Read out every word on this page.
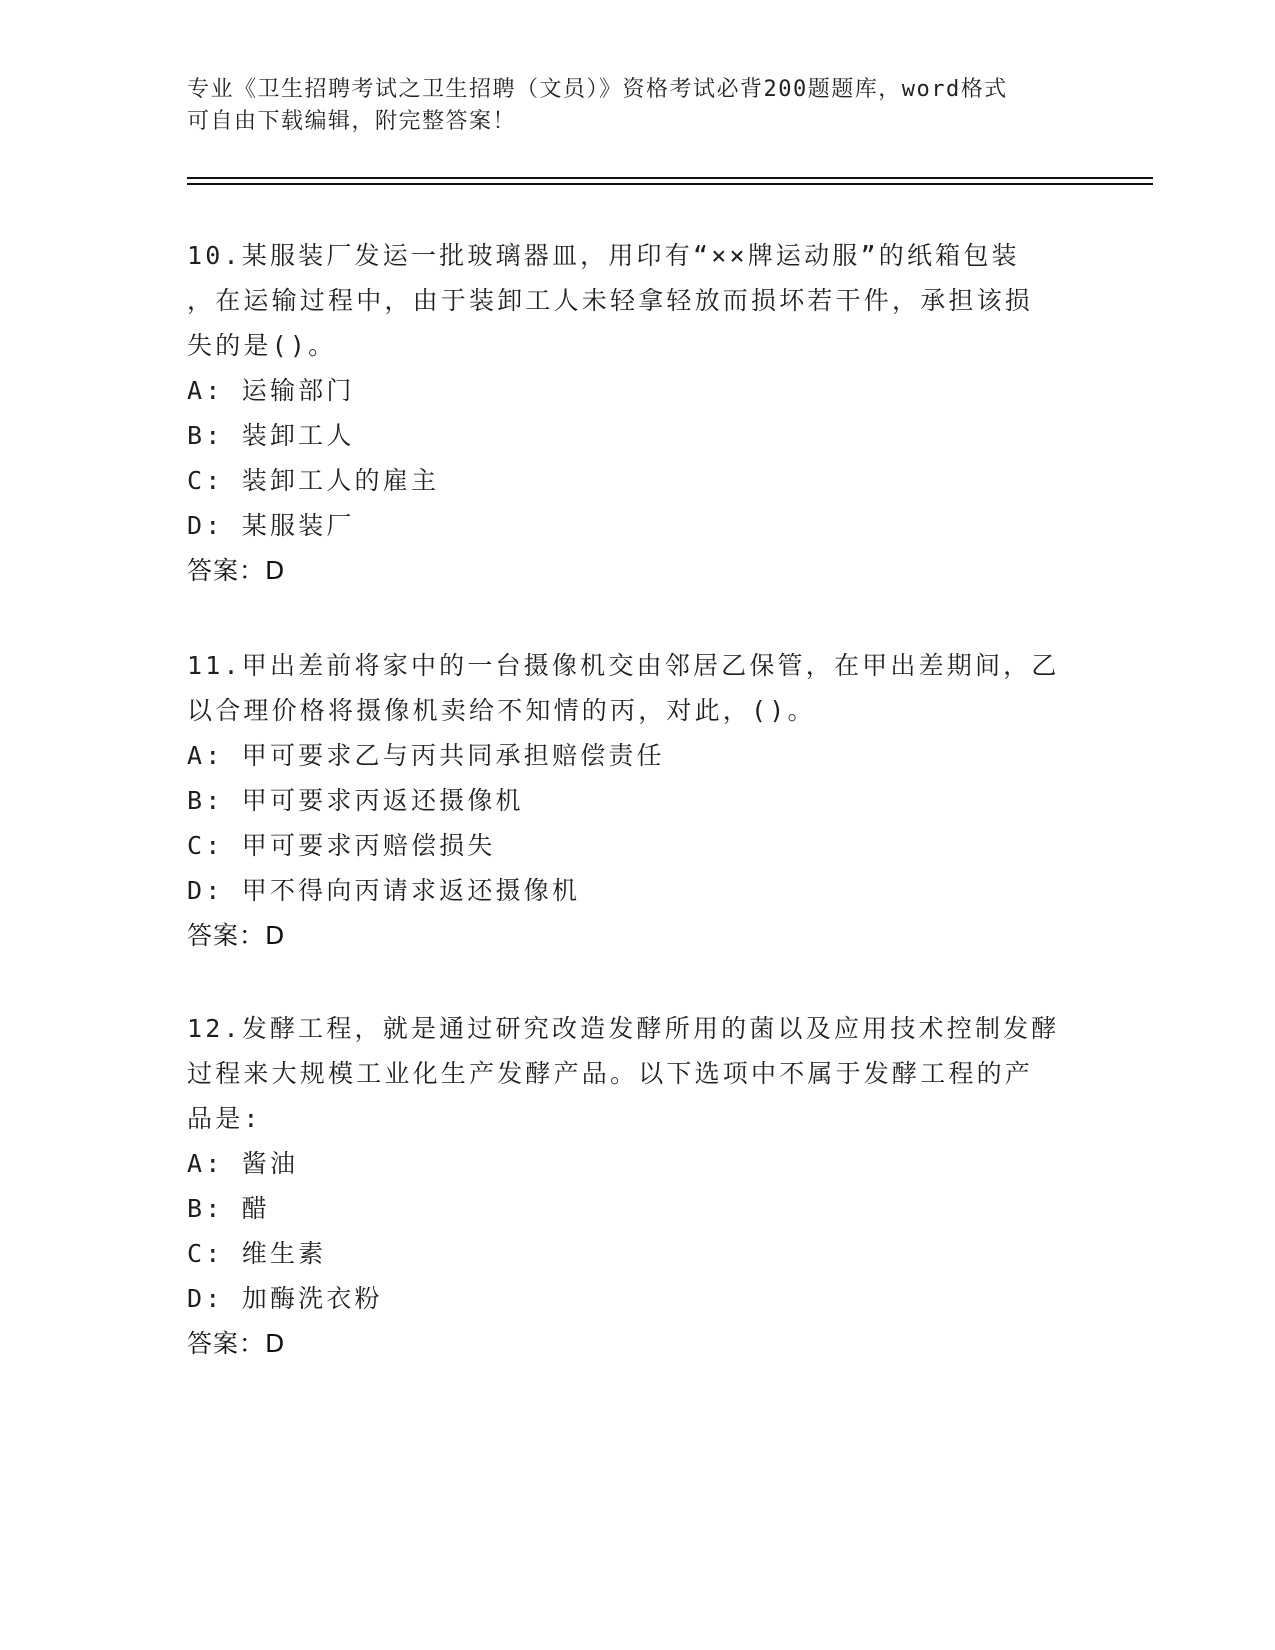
专业《卫生招聘考试之卫生招聘（文员）》资格考试必背200题题库，word格式

可自由下载编辑，附完整答案！

10.某服装厂发运一批玻璃器皿，用印有“××牌运动服”的纸箱包装

，在运输过程中，由于装卸工人未轻拿轻放而损坏若干件，承担该损

失的是()。

A: 运输部门

B: 装卸工人

C: 装卸工人的雇主

D: 某服装厂

答案：D

11.甲出差前将家中的一台摄像机交由邻居乙保管，在甲出差期间，乙

以合理价格将摄像机卖给不知情的丙，对此，()。

A: 甲可要求乙与丙共同承担赔偿责任

B: 甲可要求丙返还摄像机

C: 甲可要求丙赔偿损失

D: 甲不得向丙请求返还摄像机

答案：D

12.发酵工程，就是通过研究改造发酵所用的菌以及应用技术控制发酵

过程来大规模工业化生产发酵产品。以下选项中不属于发酵工程的产

品是:

A: 酱油

B: 醋

C: 维生素

D: 加酶洗衣粉

答案：D
